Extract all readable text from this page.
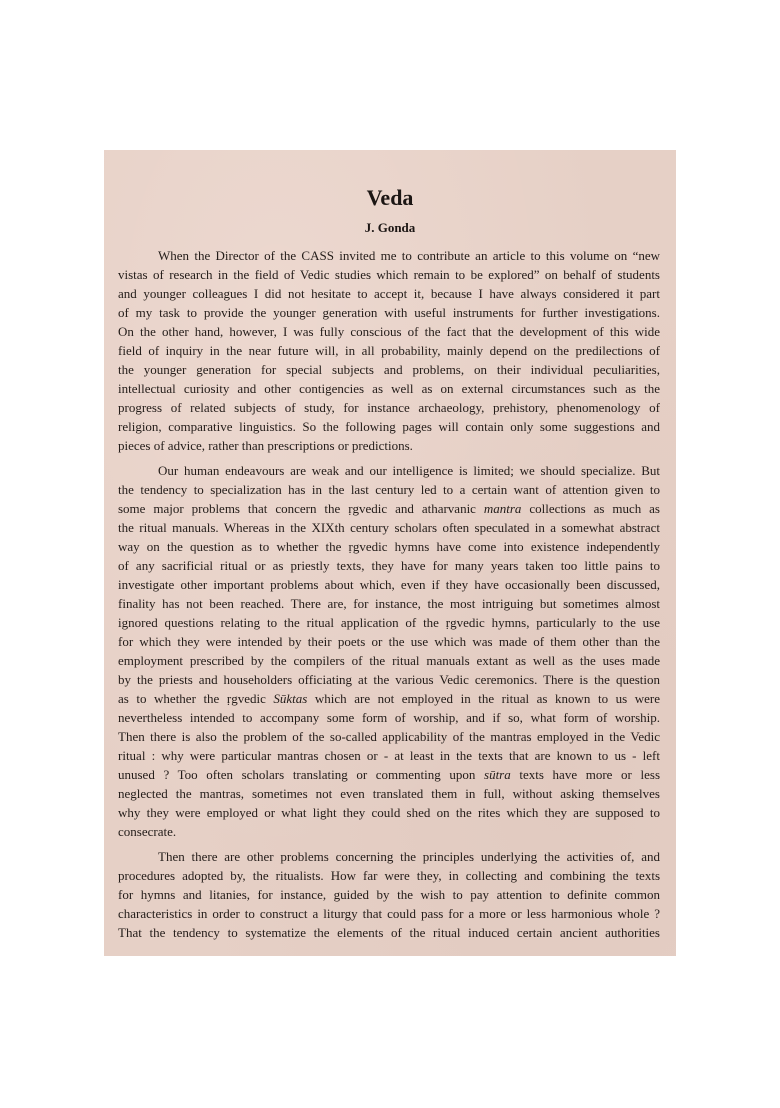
Veda
J. Gonda
When the Director of the CASS invited me to contribute an article to this volume on “new
vistas of research in the field of Vedic studies which remain to be explored” on behalf of students
and younger colleagues I did not hesitate to accept it, because I have always considered it part
of my task to provide the younger generation with useful instruments for further investigations.
On the other hand, however, I was fully conscious of the fact that the development of this wide
field of inquiry in the near future will, in all probability, mainly depend on the predilections of
the younger generation for special subjects and problems, on their individual peculiarities,
intellectual curiosity and other contigencies as well as on external circumstances such as the
progress of related subjects of study, for instance archaeology, prehistory, phenomenology of
religion, comparative linguistics. So the following pages will contain only some suggestions and
pieces of advice, rather than prescriptions or predictions.
Our human endeavours are weak and our intelligence is limited; we should specialize. But
the tendency to specialization has in the last century led to a certain want of attention given to
some major problems that concern the ṛgvedic and atharvanic mantra collections as much as
the ritual manuals. Whereas in the XIXth century scholars often speculated in a somewhat abstract
way on the question as to whether the ṛgvedic hymns have come into existence independently
of any sacrificial ritual or as priestly texts, they have for many years taken too little pains to
investigate other important problems about which, even if they have occasionally been discussed,
finality has not been reached. There are, for instance, the most intriguing but sometimes almost
ignored questions relating to the ritual application of the ṛgvedic hymns, particularly to the use
for which they were intended by their poets or the use which was made of them other than the
employment prescribed by the compilers of the ritual manuals extant as well as the uses made
by the priests and householders officiating at the various Vedic ceremonics. There is the question
as to whether the ṛgvedic Sūktas which are not employed in the ritual as known to us were
nevertheless intended to accompany some form of worship, and if so, what form of worship.
Then there is also the problem of the so-called applicability of the mantras employed in the Vedic
ritual : why were particular mantras chosen or - at least in the texts that are known to us - left
unused ? Too often scholars translating or commenting upon sūtra texts have more or less
neglected the mantras, sometimes not even translated them in full, without asking themselves
why they were employed or what light they could shed on the rites which they are supposed to
consecrate.
Then there are other problems concerning the principles underlying the activities of, and
procedures adopted by, the ritualists. How far were they, in collecting and combining the texts
for hymns and litanies, for instance, guided by the wish to pay attention to definite common
characteristics in order to construct a liturgy that could pass for a more or less harmonious whole ?
That the tendency to systematize the elements of the ritual induced certain ancient authorities
